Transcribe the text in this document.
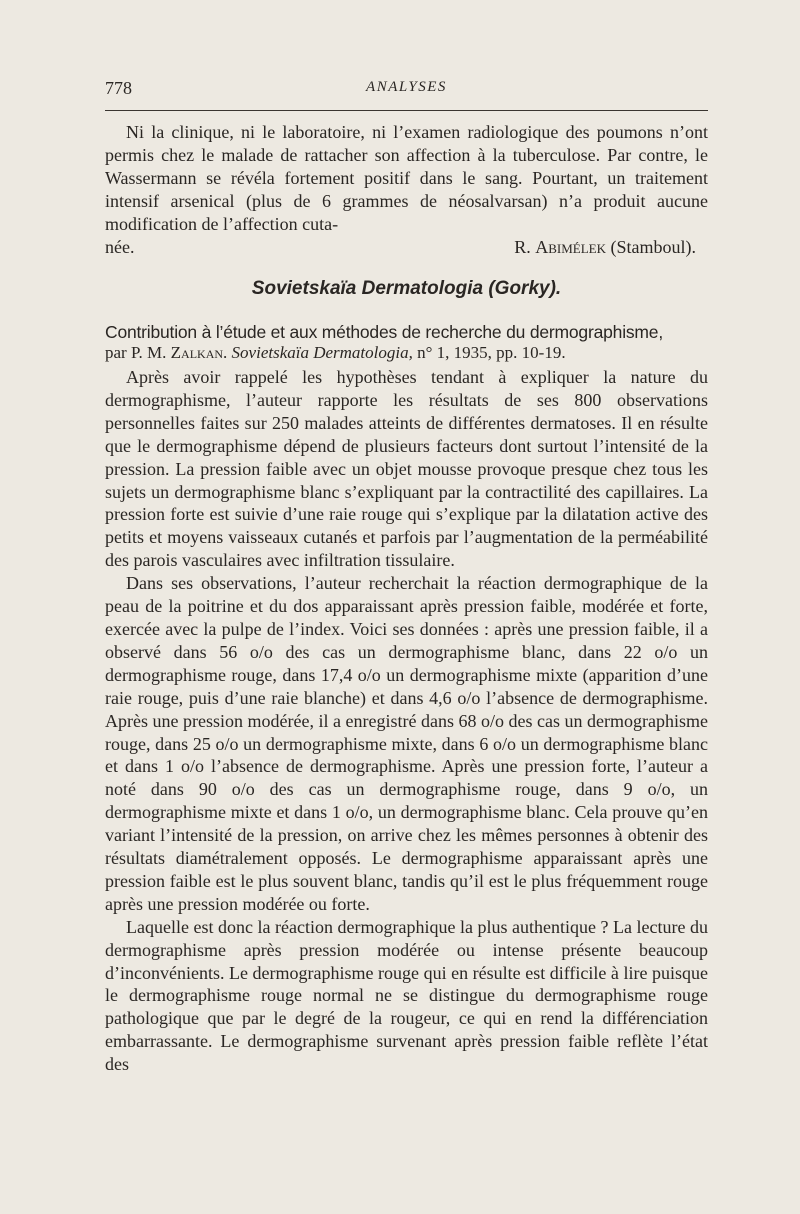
778	ANALYSES

Ni la clinique, ni le laboratoire, ni l’examen radiologique des poumons n’ont permis chez le malade de rattacher son affection à la tuberculose. Par contre, le Wassermann se révéla fortement positif dans le sang. Pourtant, un traitement intensif arsenical (plus de 6 grammes de néosalvarsan) n’a produit aucune modification de l’affection cuta-

née.	R. Abimélek (Stamboul).
Sovietskaïa Dermatologia (Gorky).
Contribution à l’étude et aux méthodes de recherche du dermographisme,
par P. M. Zalkan. Sovietskaïa Dermatologia, n° 1, 1935, pp. 10-19.

Après avoir rappelé les hypothèses tendant à expliquer la nature du dermographisme, l’auteur rapporte les résultats de ses 800 observations personnelles faites sur 250 malades atteints de différentes dermatoses. Il en résulte que le dermographisme dépend de plusieurs facteurs dont surtout l’intensité de la pression. La pression faible avec un objet mousse provoque presque chez tous les sujets un dermographisme blanc s’expliquant par la contractilité des capillaires. La pression forte est suivie d’une raie rouge qui s’explique par la dilatation active des petits et moyens vaisseaux cutanés et parfois par l’augmentation de la perméabilité des parois vasculaires avec infiltration tissulaire.

Dans ses observations, l’auteur recherchait la réaction dermographique de la peau de la poitrine et du dos apparaissant après pression faible, modérée et forte, exercée avec la pulpe de l’index. Voici ses données : après une pression faible, il a observé dans 56 o/o des cas un dermographisme blanc, dans 22 o/o un dermographisme rouge, dans 17,4 o/o un dermographisme mixte (apparition d’une raie rouge, puis d’une raie blanche) et dans 4,6 o/o l’absence de dermographisme. Après une pression modérée, il a enregistré dans 68 o/o des cas un dermographisme rouge, dans 25 o/o un dermographisme mixte, dans 6 o/o un dermographisme blanc et dans 1 o/o l’absence de dermographisme. Après une pression forte, l’auteur a noté dans 90 o/o des cas un dermographisme rouge, dans 9 o/o, un dermographisme mixte et dans 1 o/o, un dermographisme blanc. Cela prouve qu’en variant l’intensité de la pression, on arrive chez les mêmes personnes à obtenir des résultats diamétralement opposés. Le dermographisme apparaissant après une pression faible est le plus souvent blanc, tandis qu’il est le plus fréquemment rouge après une pression modérée ou forte.

Laquelle est donc la réaction dermographique la plus authentique ? La lecture du dermographisme après pression modérée ou intense présente beaucoup d’inconvénients. Le dermographisme rouge qui en résulte est difficile à lire puisque le dermographisme rouge normal ne se distingue du dermographisme rouge pathologique que par le degré de la rougeur, ce qui en rend la différenciation embarrassante. Le dermographisme survenant après pression faible reflète l’état des
